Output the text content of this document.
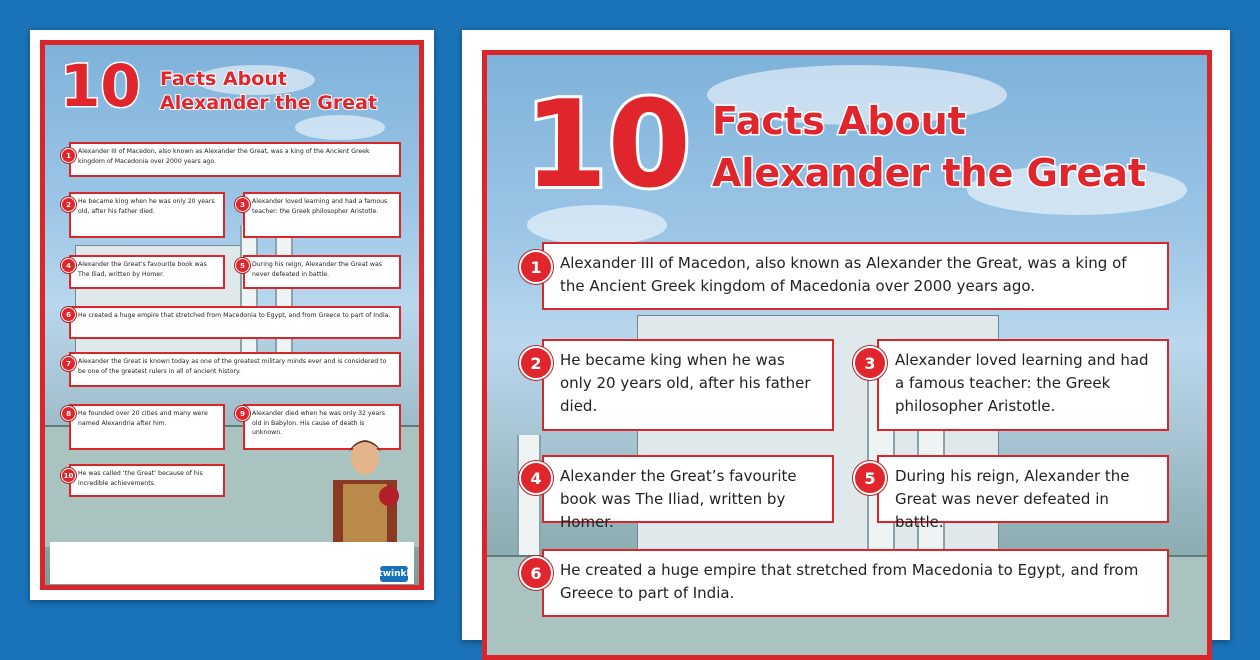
10 Facts About
Alexander the Great
Alexander III of Macedon, also known as Alexander the Great, was a king of the Ancient Greek kingdom of Macedonia over 2000 years ago.
1
He became king when he was only 20 years old, after his father died.
2	Alexander loved learning and had a famous teacher: the Greek philosopher Aristotle.
3
Alexander the Great’s favourite book was The Iliad, written by Homer.
4	During his reign, Alexander the Great was never defeated in battle.
5
He created a huge empire that stretched from Macedonia to Egypt, and from Greece to part of India.
6
Alexander the Great is known today as one of the greatest military minds ever and is considered to be one of the greatest rulers in all of ancient history.
7
He founded over 20 cities and many were named Alexandria after him.
8	Alexander died when he was only 32 years old in Babylon. His cause of death is unknown.
9
He was called ‘the Great’ because of his incredible achievements.
10
twinkl
10 Facts About
Alexander the Great
Alexander III of Macedon, also known as Alexander the Great, was a king of the Ancient Greek kingdom of Macedonia over 2000 years ago.
1
He became king when he was only 20 years old, after his father died.
2	Alexander loved learning and had a famous teacher: the Greek philosopher Aristotle.
3
Alexander the Great’s favourite book was The Iliad, written by Homer.
4	During his reign, Alexander the Great was never defeated in battle.
5
He created a huge empire that stretched from Macedonia to Egypt, and from Greece to part of India.
6
